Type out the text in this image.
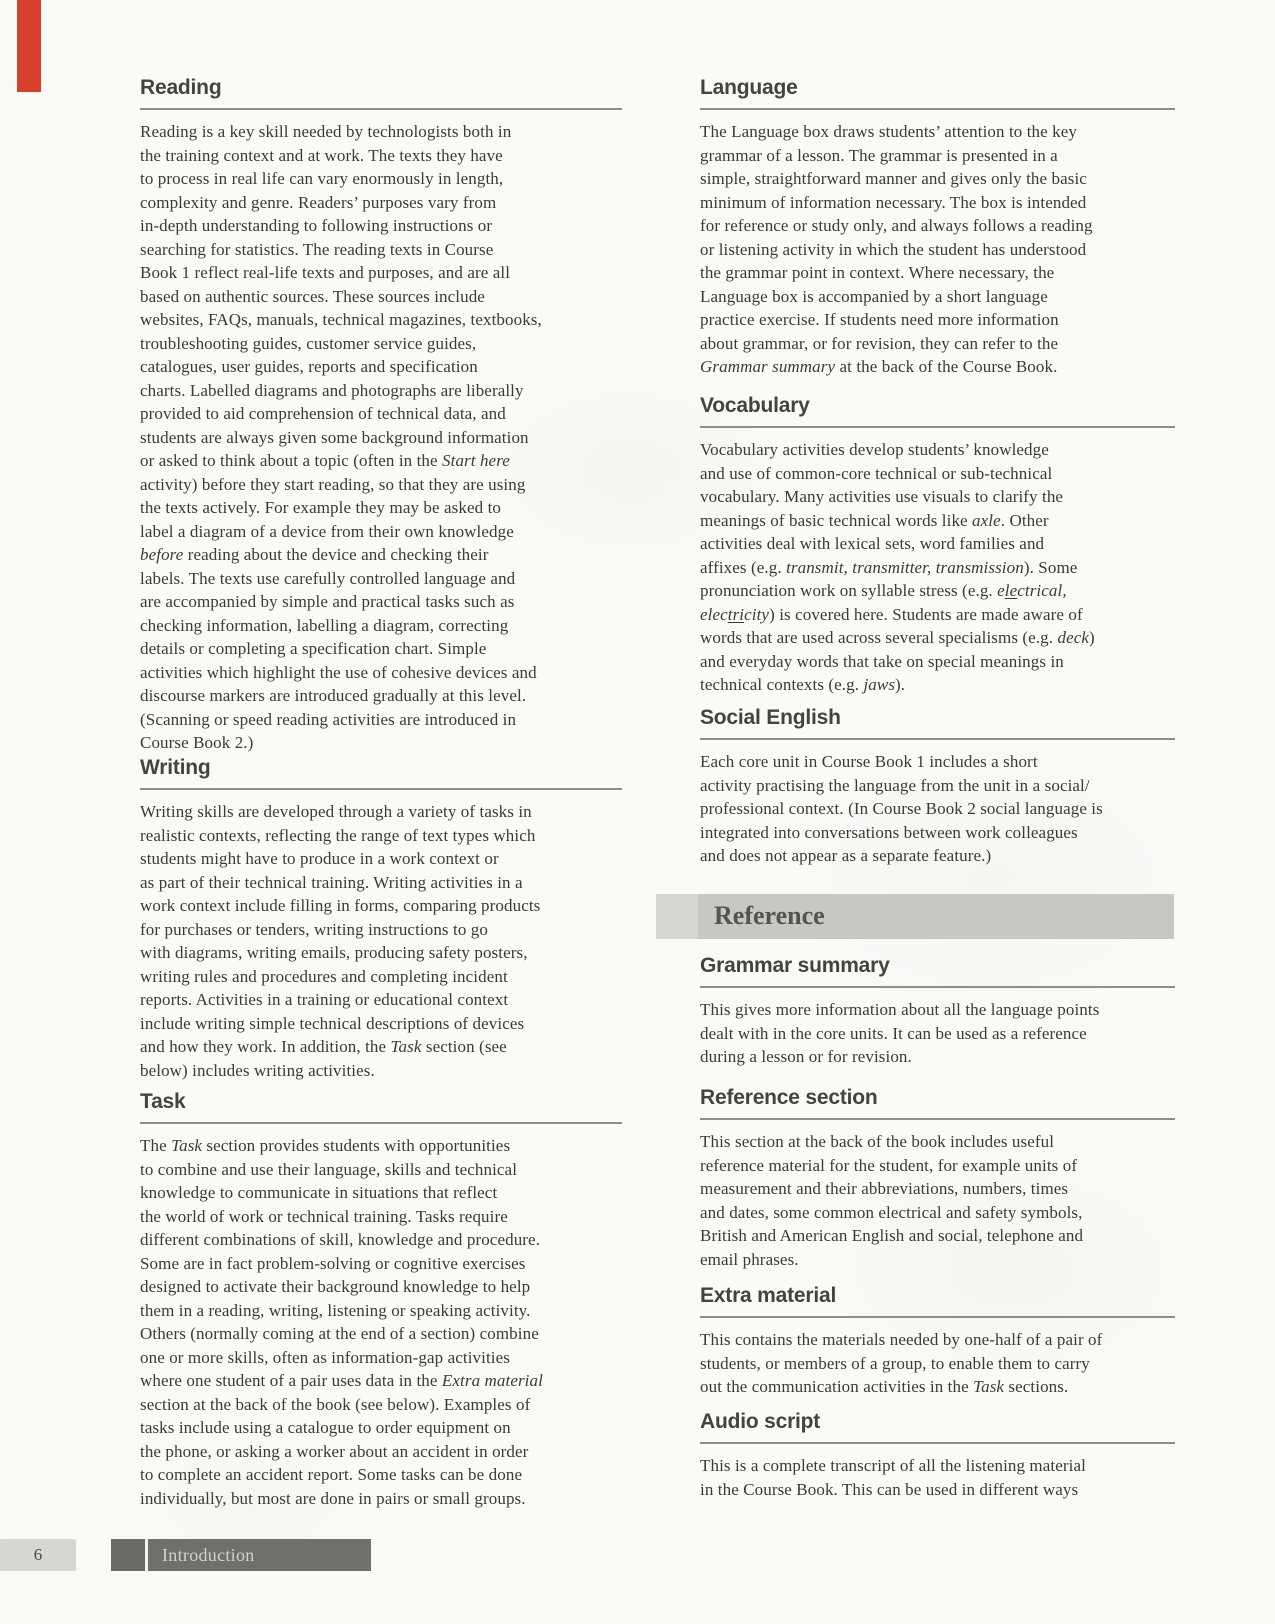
Reading
Reading is a key skill needed by technologists both in
the training context and at work. The texts they have
to process in real life can vary enormously in length,
complexity and genre. Readers’ purposes vary from
in-depth understanding to following instructions or
searching for statistics. The reading texts in Course
Book 1 reflect real-life texts and purposes, and are all
based on authentic sources. These sources include
websites, FAQs, manuals, technical magazines, textbooks,
troubleshooting guides, customer service guides,
catalogues, user guides, reports and specification
charts. Labelled diagrams and photographs are liberally
provided to aid comprehension of technical data, and
students are always given some background information
or asked to think about a topic (often in the Start here
activity) before they start reading, so that they are using
the texts actively. For example they may be asked to
label a diagram of a device from their own knowledge
before reading about the device and checking their
labels. The texts use carefully controlled language and
are accompanied by simple and practical tasks such as
checking information, labelling a diagram, correcting
details or completing a specification chart. Simple
activities which highlight the use of cohesive devices and
discourse markers are introduced gradually at this level.
(Scanning or speed reading activities are introduced in
Course Book 2.)
Writing
Writing skills are developed through a variety of tasks in
realistic contexts, reflecting the range of text types which
students might have to produce in a work context or
as part of their technical training. Writing activities in a
work context include filling in forms, comparing products
for purchases or tenders, writing instructions to go
with diagrams, writing emails, producing safety posters,
writing rules and procedures and completing incident
reports. Activities in a training or educational context
include writing simple technical descriptions of devices
and how they work. In addition, the Task section (see
below) includes writing activities.
Task
The Task section provides students with opportunities
to combine and use their language, skills and technical
knowledge to communicate in situations that reflect
the world of work or technical training. Tasks require
different combinations of skill, knowledge and procedure.
Some are in fact problem-solving or cognitive exercises
designed to activate their background knowledge to help
them in a reading, writing, listening or speaking activity.
Others (normally coming at the end of a section) combine
one or more skills, often as information-gap activities
where one student of a pair uses data in the Extra material
section at the back of the book (see below). Examples of
tasks include using a catalogue to order equipment on
the phone, or asking a worker about an accident in order
to complete an accident report. Some tasks can be done
individually, but most are done in pairs or small groups.
Language
The Language box draws students’ attention to the key
grammar of a lesson. The grammar is presented in a
simple, straightforward manner and gives only the basic
minimum of information necessary. The box is intended
for reference or study only, and always follows a reading
or listening activity in which the student has understood
the grammar point in context. Where necessary, the
Language box is accompanied by a short language
practice exercise. If students need more information
about grammar, or for revision, they can refer to the
Grammar summary at the back of the Course Book.
Vocabulary
Vocabulary activities develop students’ knowledge
and use of common-core technical or sub-technical
vocabulary. Many activities use visuals to clarify the
meanings of basic technical words like axle. Other
activities deal with lexical sets, word families and
affixes (e.g. transmit, transmitter, transmission). Some
pronunciation work on syllable stress (e.g. electrical,
electricity) is covered here. Students are made aware of
words that are used across several specialisms (e.g. deck)
and everyday words that take on special meanings in
technical contexts (e.g. jaws).
Social English
Each core unit in Course Book 1 includes a short
activity practising the language from the unit in a social/
professional context. (In Course Book 2 social language is
integrated into conversations between work colleagues
and does not appear as a separate feature.)
Reference
Grammar summary
This gives more information about all the language points
dealt with in the core units. It can be used as a reference
during a lesson or for revision.
Reference section
This section at the back of the book includes useful
reference material for the student, for example units of
measurement and their abbreviations, numbers, times
and dates, some common electrical and safety symbols,
British and American English and social, telephone and
email phrases.
Extra material
This contains the materials needed by one-half of a pair of
students, or members of a group, to enable them to carry
out the communication activities in the Task sections.
Audio script
This is a complete transcript of all the listening material
in the Course Book. This can be used in different ways
6	Introduction
